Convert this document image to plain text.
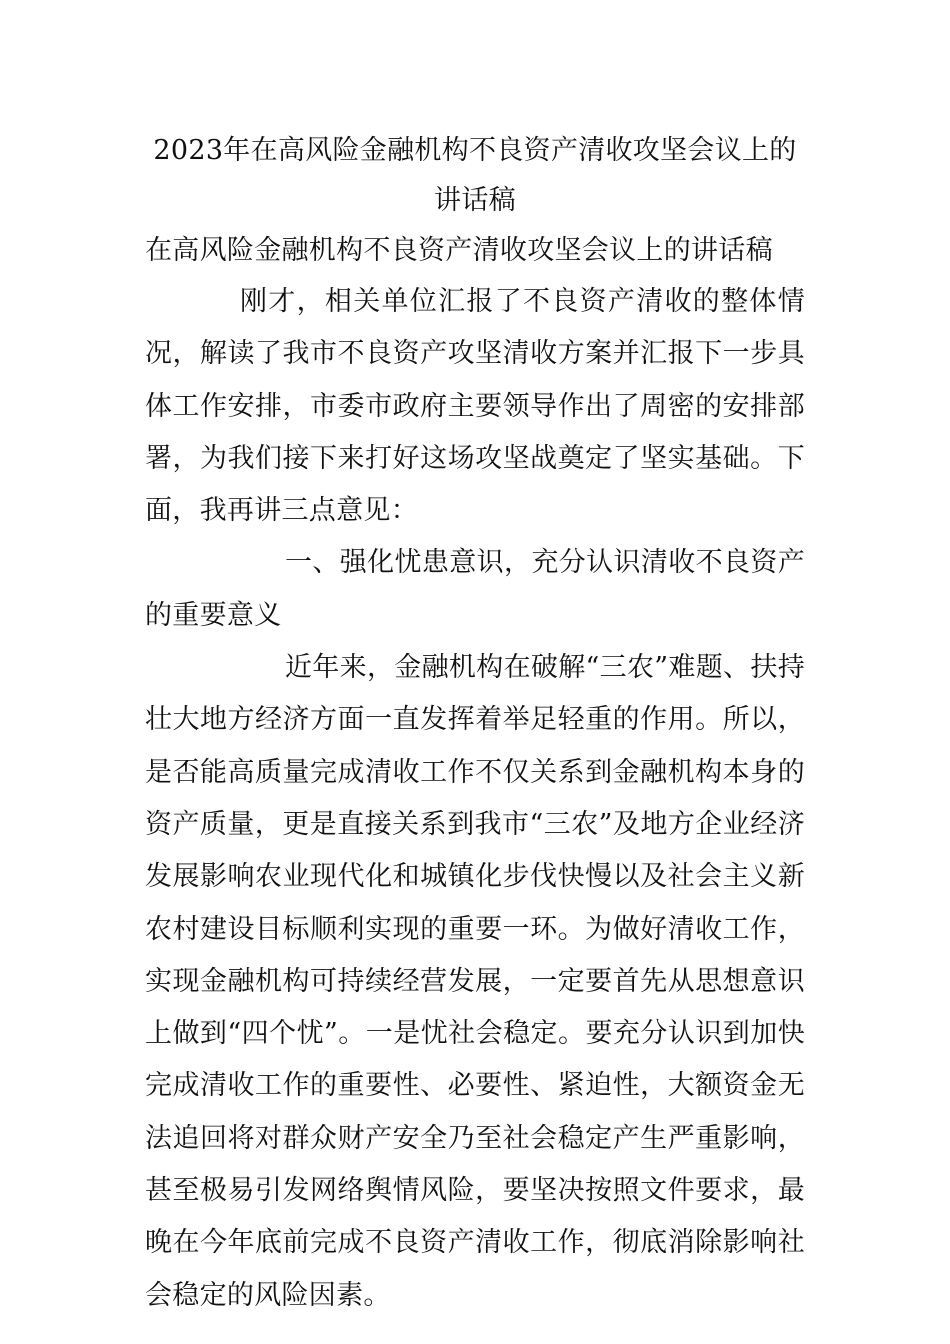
2023年在高风险金融机构不良资产清收攻坚会议上的讲话稿
在高风险金融机构不良资产清收攻坚会议上的讲话稿

刚才，相关单位汇报了不良资产清收的整体情况，解读了我市不良资产攻坚清收方案并汇报下一步具体工作安排，市委市政府主要领导作出了周密的安排部署，为我们接下来打好这场攻坚战奠定了坚实基础。下面，我再讲三点意见：

一、强化忧患意识，充分认识清收不良资产的重要意义

近年来，金融机构在破解“三农”难题、扶持壮大地方经济方面一直发挥着举足轻重的作用。所以，是否能高质量完成清收工作不仅关系到金融机构本身的资产质量，更是直接关系到我市“三农”及地方企业经济发展影响农业现代化和城镇化步伐快慢以及社会主义新农村建设目标顺利实现的重要一环。为做好清收工作，实现金融机构可持续经营发展，一定要首先从思想意识上做到“四个忧”。一是忧社会稳定。要充分认识到加快完成清收工作的重要性、必要性、紧迫性，大额资金无法追回将对群众财产安全乃至社会稳定产生严重影响，甚至极易引发网络舆情风险，要坚决按照文件要求，最晚在今年底前完成不良资产清收工作，彻底消除影响社会稳定的风险因素。
